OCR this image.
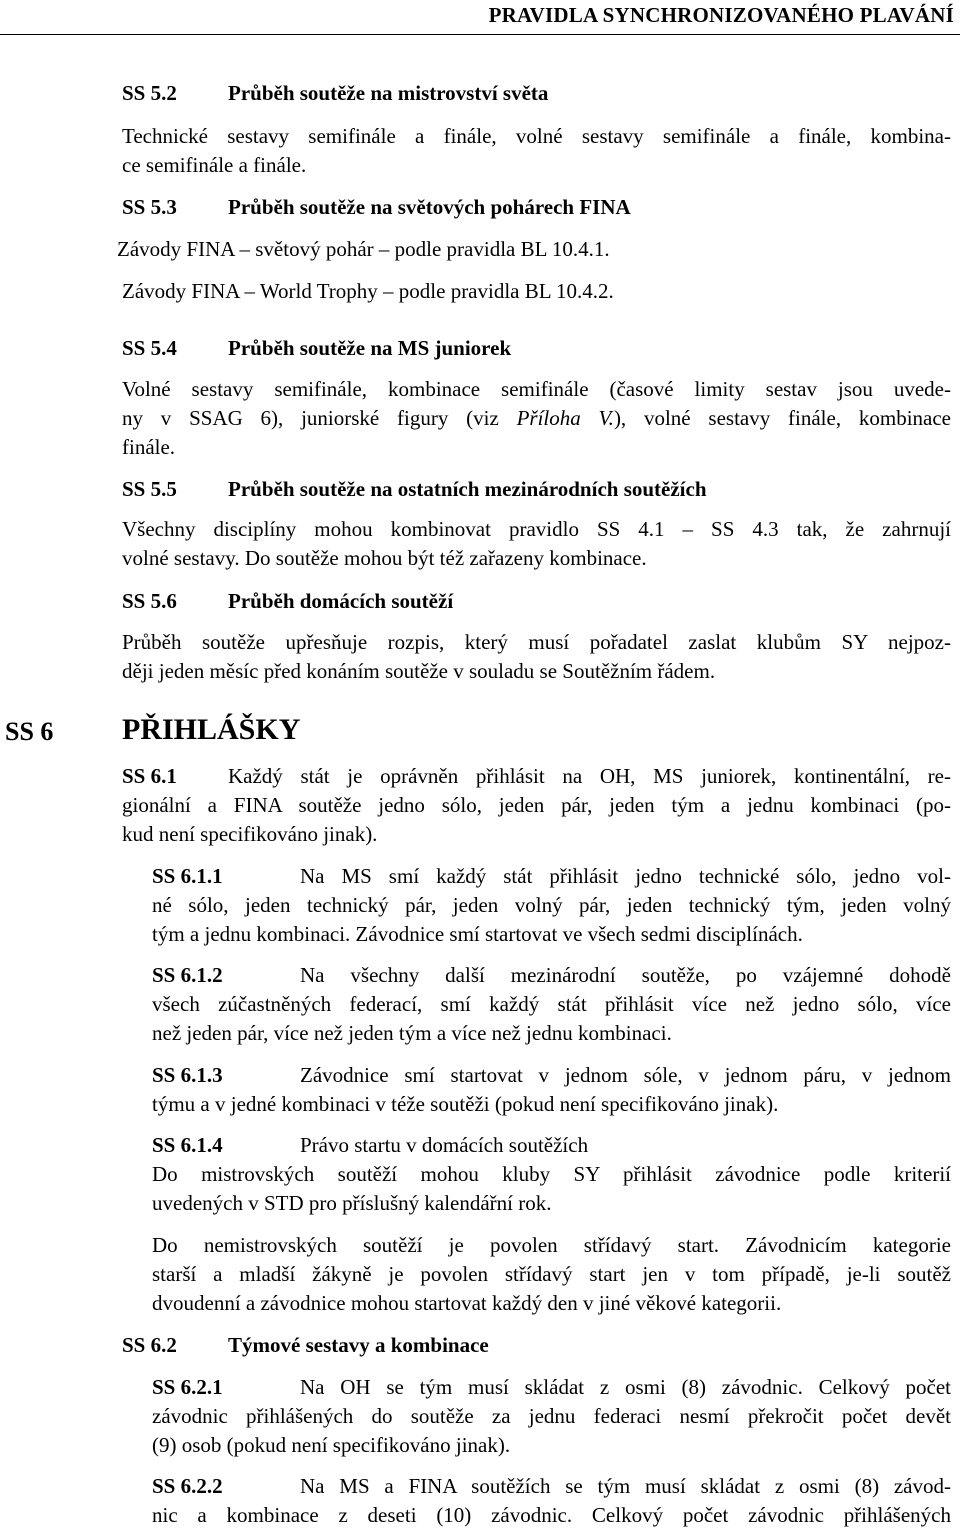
PRAVIDLA SYNCHRONIZOVANÉHO PLAVÁNÍ
SS 5.2 Průběh soutěže na mistrovství světa
Technické sestavy semifinále a finále, volné sestavy semifinále a finále, kombina-
ce semifinále a finále.
SS 5.3 Průběh soutěže na světových pohárech FINA
Závody FINA – světový pohár – podle pravidla BL 10.4.1.
Závody FINA – World Trophy – podle pravidla BL 10.4.2.
SS 5.4 Průběh soutěže na MS juniorek
Volné sestavy semifinále, kombinace semifinále (časové limity sestav jsou uvede-
ny v SSAG 6), juniorské figury (viz Příloha V.), volné sestavy finále, kombinace
finále.
SS 5.5 Průběh soutěže na ostatních mezinárodních soutěžích
Všechny disciplíny mohou kombinovat pravidlo SS 4.1 – SS 4.3 tak, že zahrnují
volné sestavy. Do soutěže mohou být též zařazeny kombinace.
SS 5.6 Průběh domácích soutěží
Průběh soutěže upřesňuje rozpis, který musí pořadatel zaslat klubům SY nejpoz-
ději jeden měsíc před konáním soutěže v souladu se Soutěžním řádem.
SS 6 PŘIHLÁŠKY
SS 6.1 Každý stát je oprávněn přihlásit na OH, MS juniorek, kontinentální, re-
gionální a FINA soutěže jedno sólo, jeden pár, jeden tým a jednu kombinaci (po-
kud není specifikováno jinak).
SS 6.1.1	Na MS smí každý stát přihlásit jedno technické sólo, jedno vol-
né sólo, jeden technický pár, jeden volný pár, jeden technický tým, jeden volný
tým a jednu kombinaci. Závodnice smí startovat ve všech sedmi disciplínách.
SS 6.1.2	Na všechny další mezinárodní soutěže, po vzájemné dohodě
všech zúčastněných federací, smí každý stát přihlásit více než jedno sólo, více
než jeden pár, více než jeden tým a více než jednu kombinaci.
SS 6.1.3	Závodnice smí startovat v jednom sóle, v jednom páru, v jednom
týmu a v jedné kombinaci v téže soutěži (pokud není specifikováno jinak).
SS 6.1.4	Právo startu v domácích soutěžích
Do mistrovských soutěží mohou kluby SY přihlásit závodnice podle kriterií
uvedených v STD pro příslušný kalendářní rok.
Do nemistrovských soutěží je povolen střídavý start. Závodnicím kategorie
starší a mladší žákyně je povolen střídavý start jen v tom případě, je-li soutěž
dvoudenní a závodnice mohou startovat každý den v jiné věkové kategorii.
SS 6.2 Týmové sestavy a kombinace
SS 6.2.1	Na OH se tým musí skládat z osmi (8) závodnic. Celkový počet
závodnic přihlášených do soutěže za jednu federaci nesmí překročit počet devět
(9) osob (pokud není specifikováno jinak).
SS 6.2.2	Na MS a FINA soutěžích se tým musí skládat z osmi (8) závod-
nic a kombinace z deseti (10) závodnic. Celkový počet závodnic přihlášených
